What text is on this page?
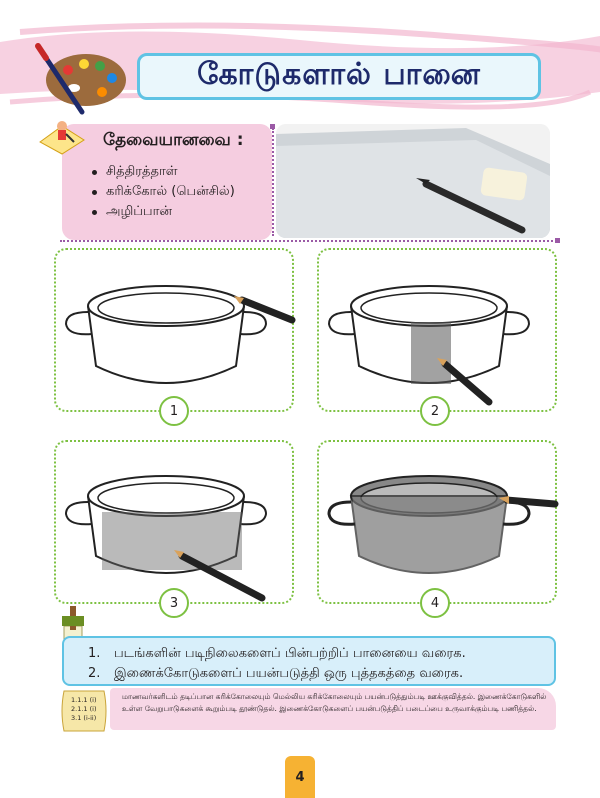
கோடுகளால் பானை
தேவையானவை :
சித்திரத்தாள்
கரிக்கோல் (பென்சில்)
அழிப்பான்
1	2
3	4
1.	படங்களின் படிநிலைகளைப் பின்பற்றிப் பானையை வரைக.
2.	இணைக்கோடுகளைப் பயன்படுத்தி ஒரு புத்தகத்தை வரைக.
1.1.1 (i)
2.1.1 (i)
3.1 (i-ii)
மாணவர்களிடம் தடிப்பான கரிக்கோலையும் மெல்லிய கரிக்கோலையும் பயன்படுத்தும்படி ஊக்குவித்தல். இணைக்கோடுகளில் உள்ள வேறுபாடுகளைக் கூறும்படி தூண்டுதல். இணைக்கோடுகளைப் பயன்படுத்திப் படைப்பை உருவாக்கும்படி பணித்தல்.
4
